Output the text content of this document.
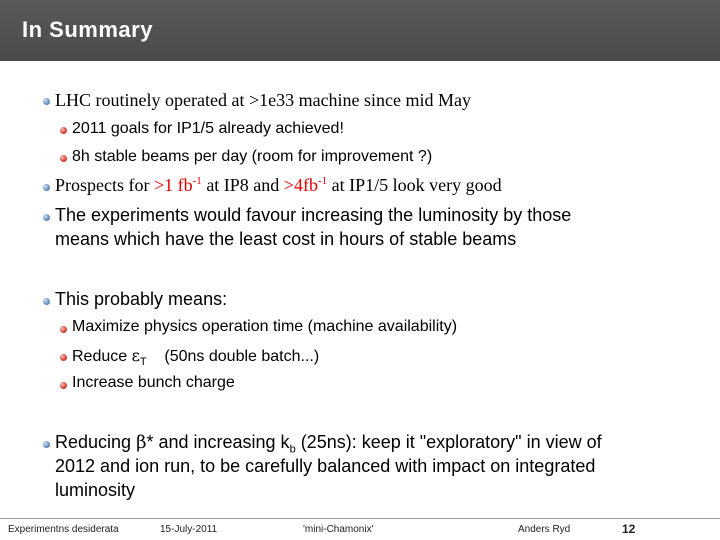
In Summary
LHC routinely operated at >1e33 machine since mid May
2011 goals for IP1/5 already achieved!
8h stable beams per day (room for improvement ?)
Prospects for >1 $fb^{-1}$ at IP8 and $>4fb^{-1}$ at IP1/5 look very good
The experiments would favour increasing the luminosity by those
means which have the least cost in hours of stable beams
This probably means:
Maximize physics operation time (machine availability)
Reduce $\varepsilon_T$    (50ns double batch...)
Increase bunch charge
Reducing β* and increasing $k_b$ (25ns): keep it "exploratory" in view of
2012 and ion run, to be carefully balanced with impact on integrated
luminosity
Experimentns desiderata	15-July-2011	'mini-Chamonix'	Anders Ryd	12
